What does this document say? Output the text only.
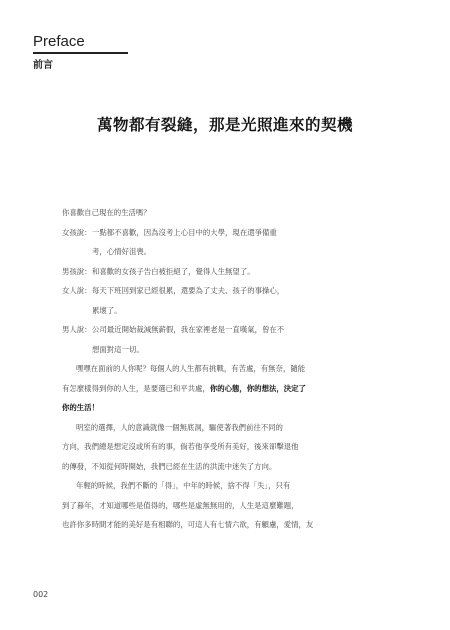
Preface
前言
萬物都有裂縫，那是光照進來的契機
你喜歡自己現在的生活嗎？
女孩說： 一點都不喜歡，因為沒考上心目中的大學，現在還爭備重
考，心情好沮喪。
男孩說： 和喜歡的女孩子告白被拒絕了，覺得人生無望了。
女人說： 每天下班回到家已經很累，還要為了丈夫、孩子的事操心，
累壞了。
男人說： 公司最近開始裁減無薪假，我在家裡老是一直嘆氣，曾在不
想面對這一切。
嘿嘿在面前的人你呢？每個人的人生都有挑戰，有苦處，有無奈，隨能
有怎麼樣得到你的人生，是要選已和平共處，你的心態，你的想法，決定了
你的生活！
明室的選擇，人的意識就像一個無底洞，驅使著我們前往不同的
方向，我們總是想定沒或所有的事，倘若他享受所有美好，後來卻擊退他
的傳發，不知從何時開始，我們已經在生活的洪流中迷失了方向。
年輕的時候，我們不斷的「得」，中年的時候，捨不得「失」，只有
到了暮年，才知道哪些是值得的，哪些是虛無無用的，人生是這麼難題，
也許你多時間才能的美好是有相聯的，可這人有七情六欲，有顧慮，愛情，友
002
